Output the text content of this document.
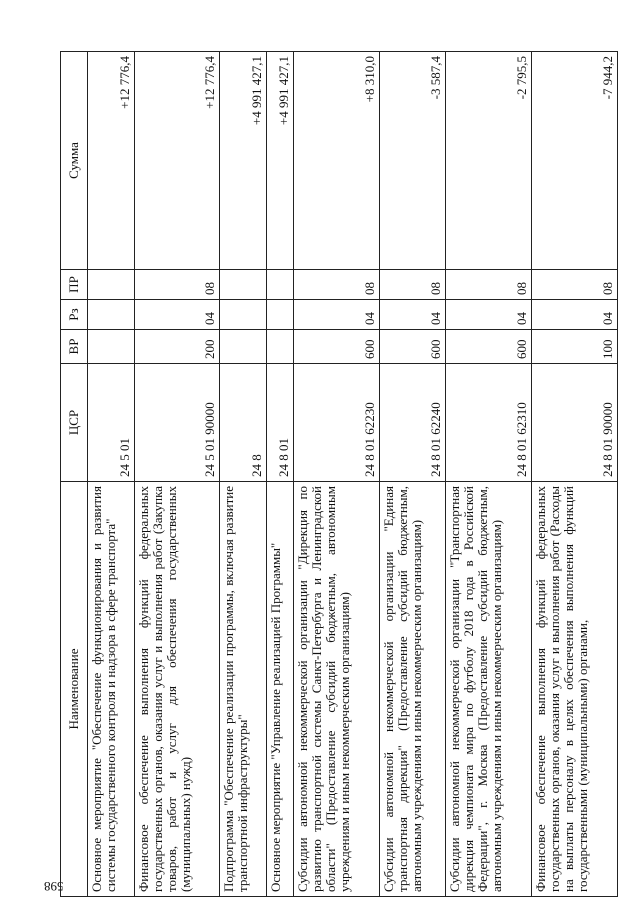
598
Наименование	ЦСР	ВР	Рз	ПР	Сумма
Основное мероприятие "Обеспечение функционирования и развития системы государственного контроля и надзора в сфере транспорта"	24 5 01				+12 776,4
Финансовое обеспечение выполнения функций федеральных государственных органов, оказания услуг и выполнения работ (Закупка товаров, работ и услуг для обеспечения государственных (муниципальных) нужд)	24 5 01 90000	200	04	08	+12 776,4
Подпрограмма "Обеспечение реализации программы, включая развитие транспортной инфраструктуры"	24 8				+4 991 427,1
Основное мероприятие "Управление реализацией Программы"	24 8 01				+4 991 427,1
Субсидии автономной некоммерческой организации "Дирекция по развитию транспортной системы Санкт-Петербурга и Ленинградской области" (Предоставление субсидий бюджетным, автономным учреждениям и иным некоммерческим организациям)	24 8 01 62230	600	04	08	+8 310,0
Субсидии автономной некоммерческой организации "Единая транспортная дирекция" (Предоставление субсидий бюджетным, автономным учреждениям и иным некоммерческим организациям)	24 8 01 62240	600	04	08	-3 587,4
Субсидии автономной некоммерческой организации "Транспортная дирекция чемпионата мира по футболу 2018 года в Российской Федерации", г. Москва (Предоставление субсидий бюджетным, автономным учреждениям и иным некоммерческим организациям)	24 8 01 62310	600	04	08	-2 795,5
Финансовое обеспечение выполнения функций федеральных государственных органов, оказания услуг и выполнения работ (Расходы на выплаты персоналу в целях обеспечения выполнения функций государственными (муниципальными) органами,	24 8 01 90000	100	04	08	-7 944,2
